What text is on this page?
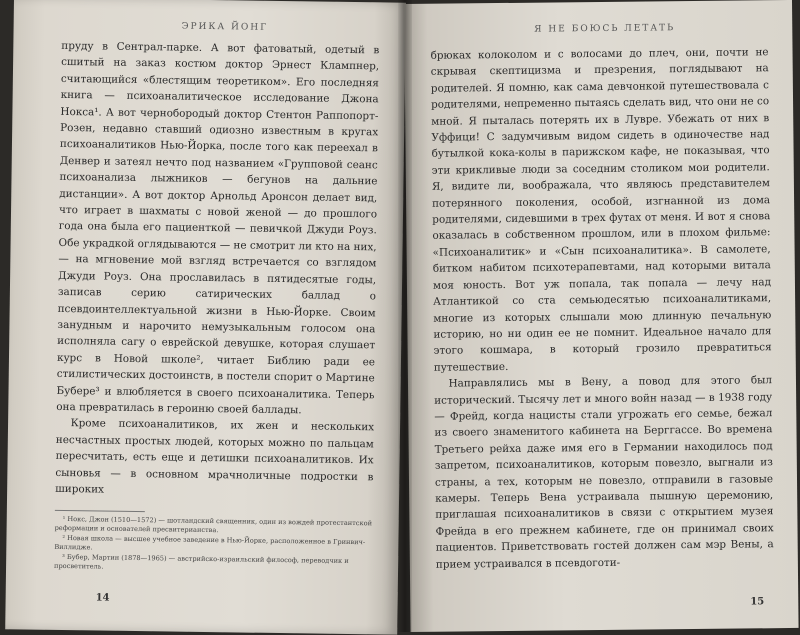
ЭРИКА ЙОНГ

пруду в Сентрал-парке. А вот фатоватый, одетый в сшитый на заказ костюм доктор Эрнест Клампнер, считающийся «блестящим теоретиком». Его последняя книга — психоаналитическое исследование Джона Нокса¹. А вот чернобородый доктор Стентон Раппопорт-Розен, недавно ставший одиозно известным в кругах психоаналитиков Нью-Йорка, после того как переехал в Денвер и затеял нечто под названием «Групповой сеанс психоанализа лыжников — бегунов на дальние дистанции». А вот доктор Арнольд Аронсон делает вид, что играет в шахматы с новой женой — до прошлого года она была его пациенткой — певичкой Джуди Роуз. Обе украдкой оглядываются — не смотрит ли кто на них, — на мгновение мой взгляд встречается со взглядом Джуди Роуз. Она прославилась в пятидесятые годы, записав серию сатирических баллад о псевдоинтеллектуальной жизни в Нью-Йорке. Своим занудным и нарочито немузыкальным голосом она исполняла сагу о еврейской девушке, которая слушает курс в Новой школе², читает Библию ради ее стилистических достоинств, в постели спорит о Мартине Бубере³ и влюбляется в своего психоаналитика. Теперь она превратилась в героиню своей баллады.

Кроме психоаналитиков, их жен и нескольких несчастных простых людей, которых можно по пальцам пересчитать, есть еще и детишки психоаналитиков. Их сыновья — в основном мрачноличные подростки в широких

¹ Нокс, Джон (1510—1572) — шотландский священник, один из вождей протестантской реформации и основателей пресвитерианства.
² Новая школа — высшее учебное заведение в Нью-Йорке, расположенное в Гринвич-Виллидже.
³ Бубер, Мартин (1878—1965) — австрийско-израильский философ, переводчик и просветитель.
14
Я НЕ БОЮСЬ ЛЕТАТЬ

брюках колоколом и с волосами до плеч, они, почти не скрывая скептицизма и презрения, поглядывают на родителей. Я помню, как сама девчонкой путешествовала с родителями, непременно пытаясь сделать вид, что они не со мной. Я пыталась потерять их в Лувре. Убежать от них в Уффици! С задумчивым видом сидеть в одиночестве над бутылкой кока-колы в парижском кафе, не показывая, что эти крикливые люди за соседним столиком мои родители. Я, видите ли, воображала, что являюсь представителем потерянного поколения, особой, изгнанной из дома родителями, сидевшими в трех футах от меня. И вот я снова оказалась в собственном прошлом, или в плохом фильме: «Психоаналитик» и «Сын психоаналитика». В самолете, битком набитом психотерапевтами, над которыми витала моя юность. Вот уж попала, так попала — лечу над Атлантикой со ста семьюдесятью психоаналитиками, многие из которых слышали мою длинную печальную историю, но ни один ее не помнит. Идеальное начало для этого кошмара, в который грозило превратиться путешествие.

Направлялись мы в Вену, а повод для этого был исторический. Тысячу лет и много войн назад — в 1938 году — Фрейд, когда нацисты стали угрожать его семье, бежал из своего знаменитого кабинета на Берггассе. Во времена Третьего рейха даже имя его в Германии находилось под запретом, психоаналитиков, которым повезло, выгнали из страны, а тех, которым не повезло, отправили в газовые камеры. Теперь Вена устраивала пышную церемонию, приглашая психоаналитиков в связи с открытием музея Фрейда в его прежнем кабинете, где он принимал своих пациентов. Приветствовать гостей должен сам мэр Вены, а прием устраивался в псевдоготи-

15
